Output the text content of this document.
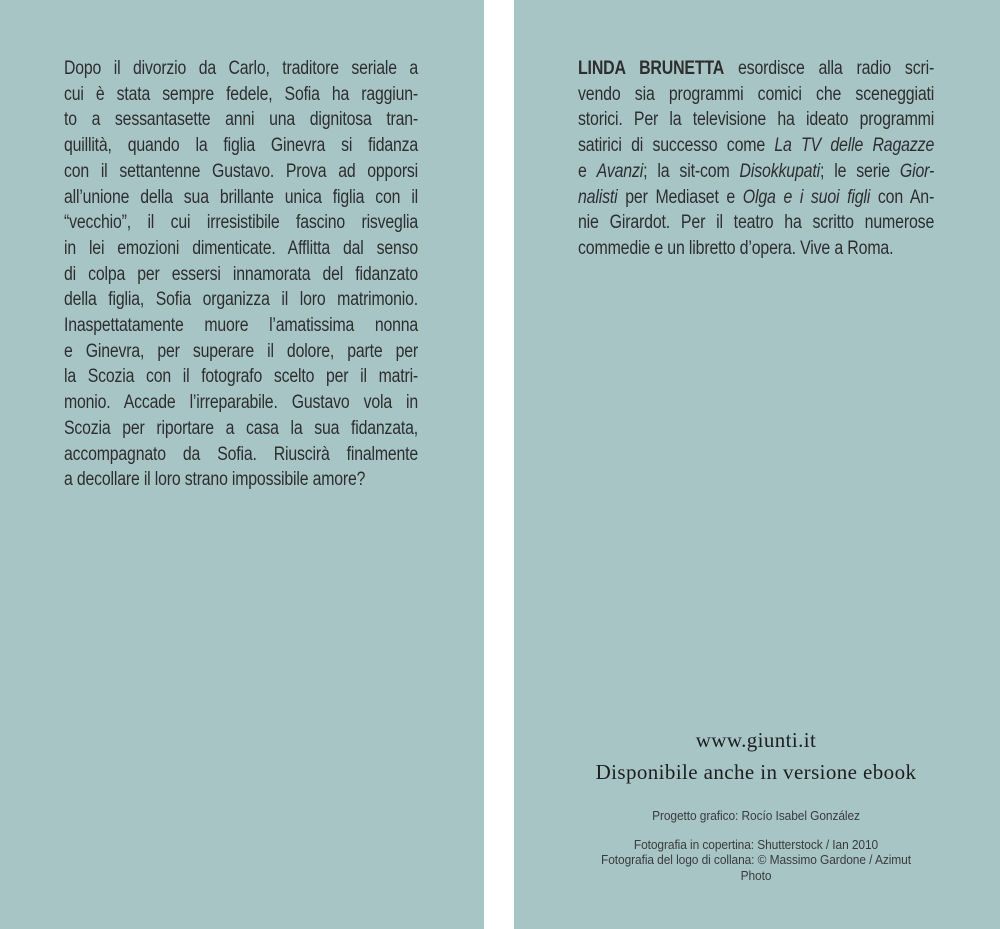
Dopo il divorzio da Carlo, traditore seriale a
cui è stata sempre fedele, Sofia ha raggiun-
to a sessantasette anni una dignitosa tran-
quillità, quando la figlia Ginevra si fidanza
con il settantenne Gustavo. Prova ad opporsi
all’unione della sua brillante unica figlia con il
“vecchio”, il cui irresistibile fascino risveglia
in lei emozioni dimenticate. Afflitta dal senso
di colpa per essersi innamorata del fidanzato
della figlia, Sofia organizza il loro matrimonio.
Inaspettatamente muore l’amatissima nonna
e Ginevra, per superare il dolore, parte per
la Scozia con il fotografo scelto per il matri-
monio. Accade l’irreparabile. Gustavo vola in
Scozia per riportare a casa la sua fidanzata,
accompagnato da Sofia. Riuscirà finalmente
a decollare il loro strano impossibile amore?
LINDA BRUNETTA esordisce alla radio scri-
vendo sia programmi comici che sceneggiati
storici. Per la televisione ha ideato programmi
satirici di successo come La TV delle Ragazze
e Avanzi; la sit-com Disokkupati; le serie Gior-
nalisti per Mediaset e Olga e i suoi figli con An-
nie Girardot. Per il teatro ha scritto numerose
commedie e un libretto d’opera. Vive a Roma.
www.giunti.it
Disponibile anche in versione ebook
Progetto grafico: Rocío Isabel González
Fotografia in copertina: Shutterstock / Ian 2010
Fotografia del logo di collana: © Massimo Gardone / Azimut Photo
